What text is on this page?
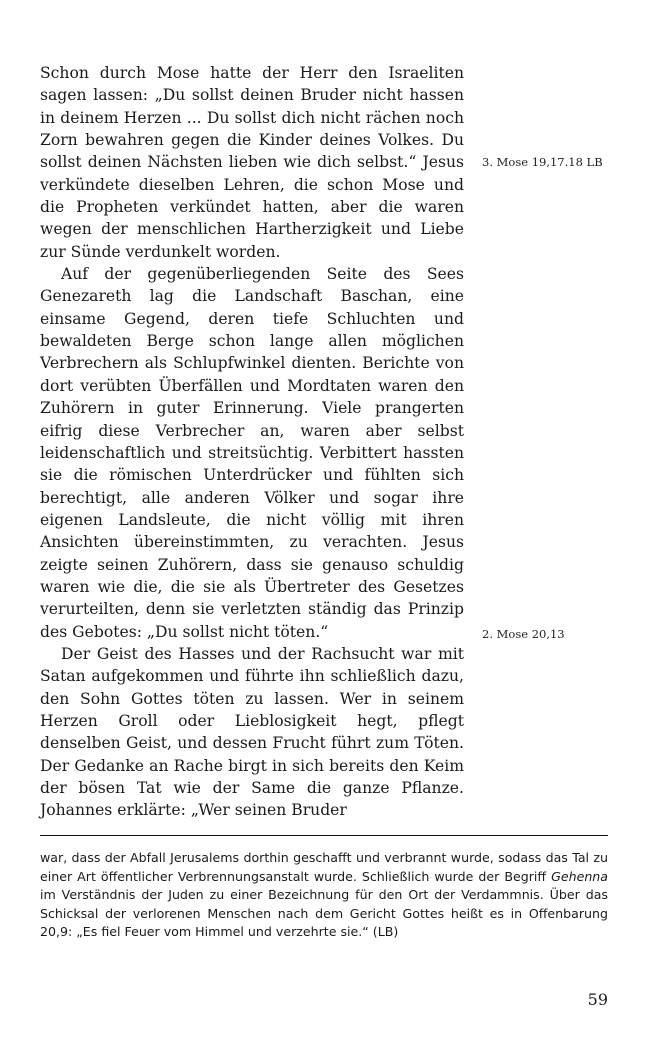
Schon durch Mose hatte der Herr den Israeliten sagen lassen: „Du sollst deinen Bruder nicht hassen in deinem Herzen ... Du sollst dich nicht rächen noch Zorn bewahren gegen die Kinder deines Volkes. Du sollst deinen Nächsten lieben wie dich selbst.“ Jesus verkündete dieselben Lehren, die schon Mose und die Propheten verkündet hatten, aber die waren wegen der menschlichen Hartherzigkeit und Liebe zur Sünde verdunkelt worden.

Auf der gegenüberliegenden Seite des Sees Genezareth lag die Landschaft Baschan, eine einsame Gegend, deren tiefe Schluchten und bewaldeten Berge schon lange allen möglichen Verbrechern als Schlupfwinkel dienten. Berichte von dort verübten Überfällen und Mordtaten waren den Zuhörern in guter Erinnerung. Viele prangerten eifrig diese Verbrecher an, waren aber selbst leidenschaftlich und streitsüchtig. Verbittert hassten sie die römischen Unterdrücker und fühlten sich berechtigt, alle anderen Völker und sogar ihre eigenen Landsleute, die nicht völlig mit ihren Ansichten übereinstimmten, zu verachten. Jesus zeigte seinen Zuhörern, dass sie genauso schuldig waren wie die, die sie als Übertreter des Gesetzes verurteilten, denn sie verletzten ständig das Prinzip des Gebotes: „Du sollst nicht töten.“

Der Geist des Hasses und der Rachsucht war mit Satan aufgekommen und führte ihn schließlich dazu, den Sohn Gottes töten zu lassen. Wer in seinem Herzen Groll oder Lieblosigkeit hegt, pflegt denselben Geist, und dessen Frucht führt zum Töten. Der Gedanke an Rache birgt in sich bereits den Keim der bösen Tat wie der Same die ganze Pflanze. Johannes erklärte: „Wer seinen Bruder

3. Mose 19,17.18 LB
2. Mose 20,13

war, dass der Abfall Jerusalems dorthin geschafft und verbrannt wurde, sodass das Tal zu einer Art öffentlicher Verbrennungsanstalt wurde. Schließlich wurde der Begriff Gehenna im Verständnis der Juden zu einer Bezeichnung für den Ort der Verdammnis. Über das Schicksal der verlorenen Menschen nach dem Gericht Gottes heißt es in Offenbarung 20,9: „Es fiel Feuer vom Himmel und verzehrte sie.“ (LB)

59
